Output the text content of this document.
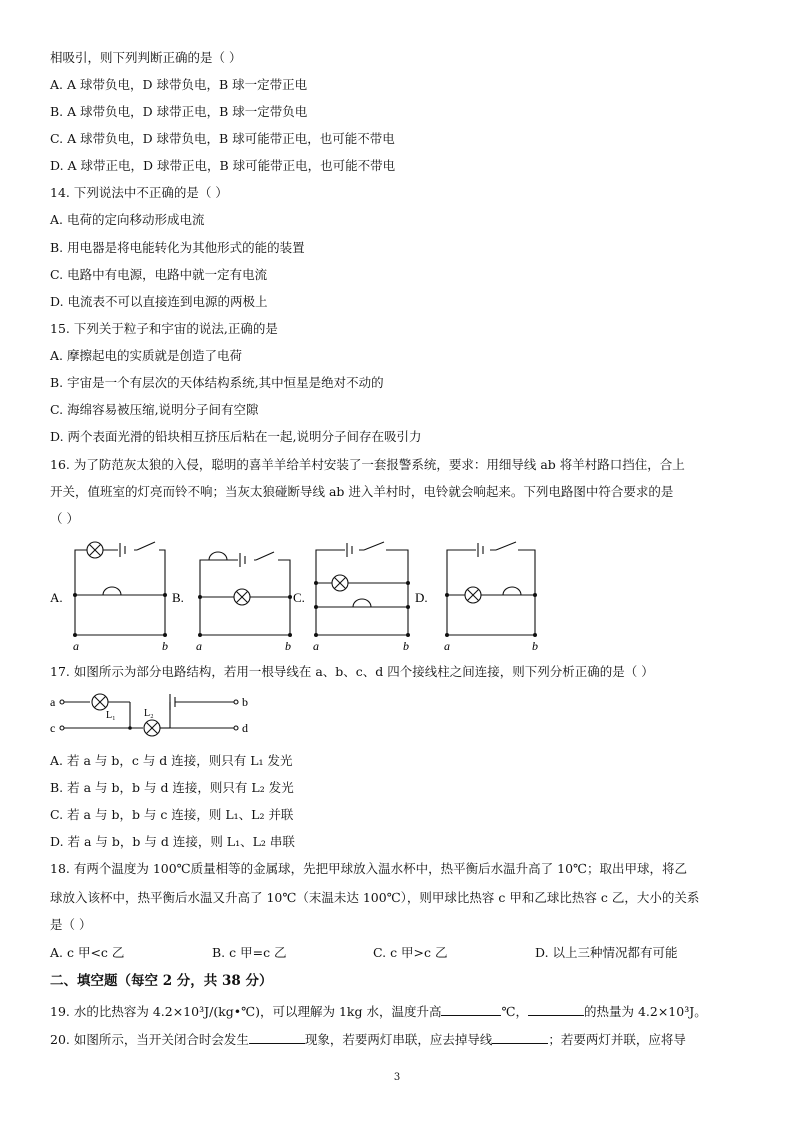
相吸引，则下列判断正确的是（ ）
A. A 球带负电，D 球带负电，B 球一定带正电
B. A 球带负电，D 球带正电，B 球一定带负电
C. A 球带负电，D 球带负电，B 球可能带正电，也可能不带电
D. A 球带正电，D 球带正电，B 球可能带正电，也可能不带电
14. 下列说法中不正确的是（ ）
A. 电荷的定向移动形成电流
B. 用电器是将电能转化为其他形式的能的装置
C. 电路中有电源，电路中就一定有电流
D. 电流表不可以直接连到电源的两极上
15. 下列关于粒子和宇宙的说法,正确的是
A. 摩擦起电的实质就是创造了电荷
B. 宇宙是一个有层次的天体结构系统,其中恒星是绝对不动的
C. 海绵容易被压缩,说明分子间有空隙
D. 两个表面光滑的铅块相互挤压后粘在一起,说明分子间存在吸引力
16. 为了防范灰太狼的入侵，聪明的喜羊羊给羊村安装了一套报警系统，要求：用细导线 ab 将羊村路口挡住，合上
开关，值班室的灯亮而铃不响；当灰太狼碰断导线 ab 进入羊村时，电铃就会响起来。下列电路图中符合要求的是
（ ）
A.	B.	C.	D.
a	b a	b a	b	a	b
17. 如图所示为部分电路结构，若用一根导线在 a、b、c、d 四个接线柱之间连接，则下列分析正确的是（ ）
a
c
b
d
L₁	L₂
A. 若 a 与 b，c 与 d 连接，则只有 L₁ 发光
B. 若 a 与 b，b 与 d 连接，则只有 L₂ 发光
C. 若 a 与 b，b 与 c 连接，则 L₁、L₂ 并联
D. 若 a 与 b，b 与 d 连接，则 L₁、L₂ 串联
18. 有两个温度为 100℃质量相等的金属球，先把甲球放入温水杯中，热平衡后水温升高了 10℃；取出甲球，将乙
球放入该杯中，热平衡后水温又升高了 10℃（末温未达 100℃），则甲球比热容 c 甲和乙球比热容 c 乙，大小的关系
是（ ）
A. c 甲<c 乙	B. c 甲=c 乙	C. c 甲>c 乙	D. 以上三种情况都有可能
二、填空题（每空 2 分，共 38 分）
19. 水的比热容为 4.2×10³J/(kg•℃)，可以理解为 1kg 水，温度升高	℃，	的热量为 4.2×10³J。
20. 如图所示，当开关闭合时会发生	现象，若要两灯串联，应去掉导线	；若要两灯并联，应将导
3
